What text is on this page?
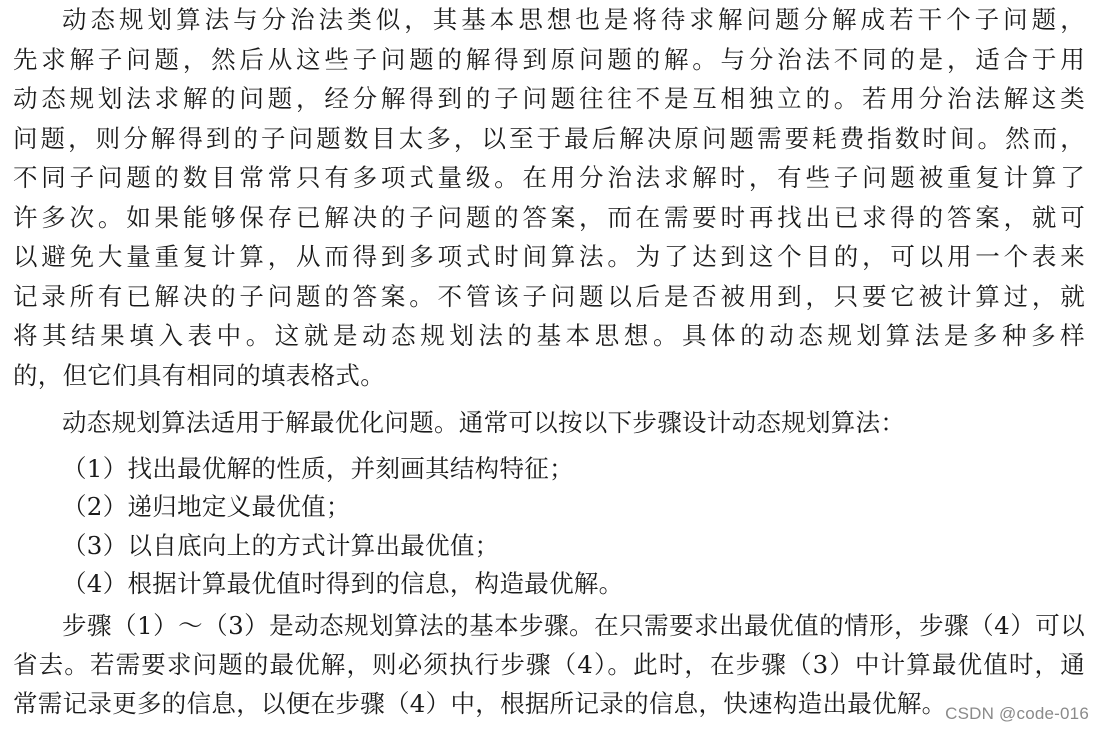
动态规划算法与分治法类似，其基本思想也是将待求解问题分解成若干个子问题，
先求解子问题，然后从这些子问题的解得到原问题的解。与分治法不同的是，适合于用
动态规划法求解的问题，经分解得到的子问题往往不是互相独立的。若用分治法解这类
问题，则分解得到的子问题数目太多，以至于最后解决原问题需要耗费指数时间。然而，
不同子问题的数目常常只有多项式量级。在用分治法求解时，有些子问题被重复计算了
许多次。如果能够保存已解决的子问题的答案，而在需要时再找出已求得的答案，就可
以避免大量重复计算，从而得到多项式时间算法。为了达到这个目的，可以用一个表来
记录所有已解决的子问题的答案。不管该子问题以后是否被用到，只要它被计算过，就
将其结果填入表中。这就是动态规划法的基本思想。具体的动态规划算法是多种多样
的，但它们具有相同的填表格式。
动态规划算法适用于解最优化问题。通常可以按以下步骤设计动态规划算法：
（1）找出最优解的性质，并刻画其结构特征；
（2）递归地定义最优值；
（3）以自底向上的方式计算出最优值；
（4）根据计算最优值时得到的信息，构造最优解。
步骤（1）～（3）是动态规划算法的基本步骤。在只需要求出最优值的情形，步骤（4）可以
省去。若需要求问题的最优解，则必须执行步骤（4）。此时，在步骤（3）中计算最优值时，通
常需记录更多的信息，以便在步骤（4）中，根据所记录的信息，快速构造出最优解。
CSDN @code-016
